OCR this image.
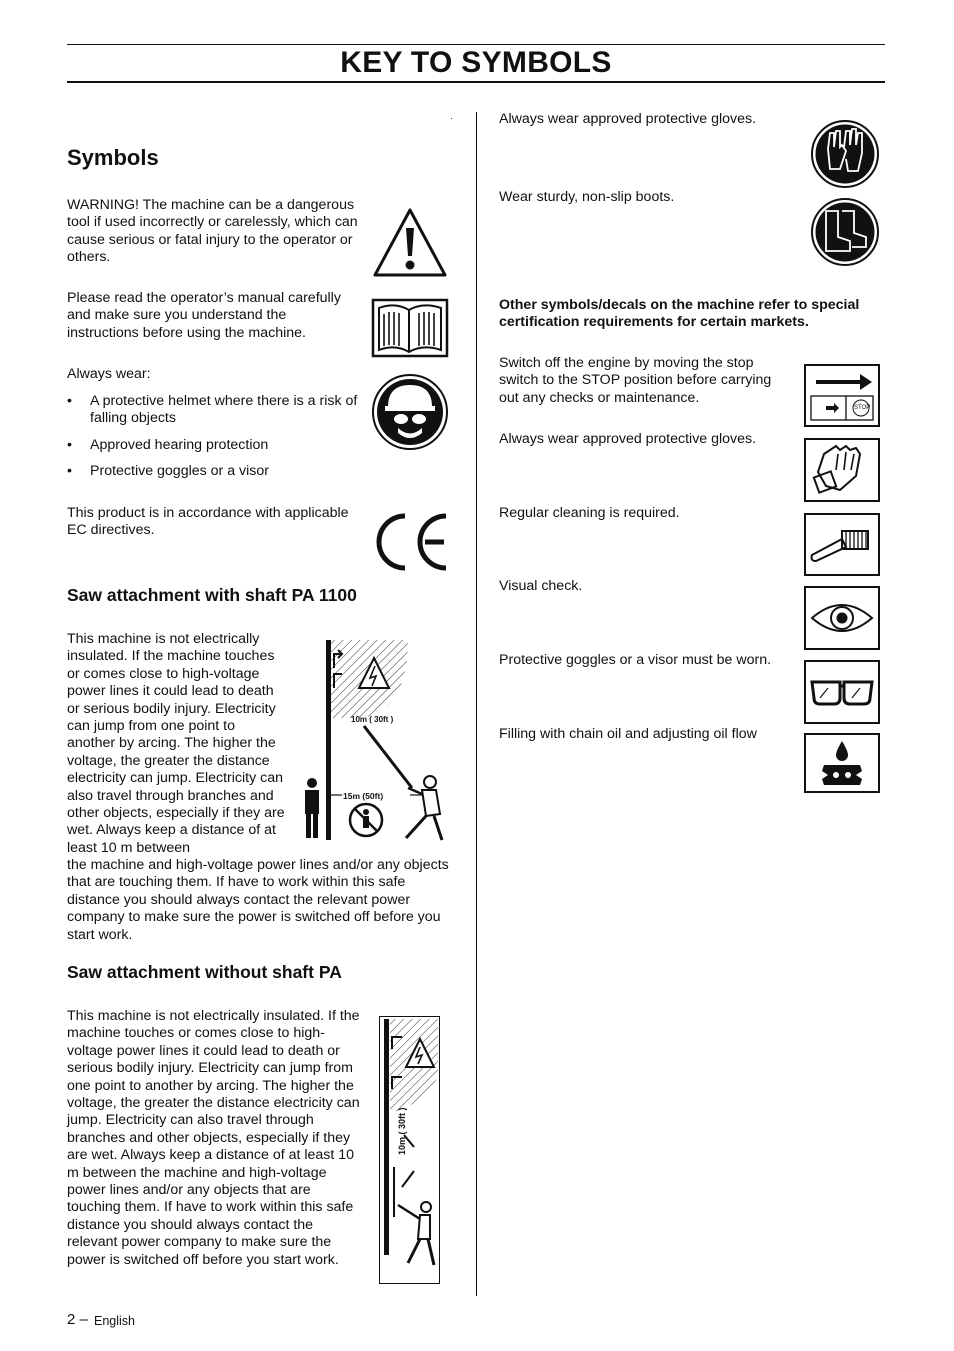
KEY TO SYMBOLS
·
Symbols
WARNING! The machine can be a dangerous tool if used incorrectly or carelessly, which can cause serious or fatal injury to the operator or others.
Please read the operator’s manual carefully and make sure you understand the instructions before using the machine.
Always wear:
• A protective helmet where there is a risk of falling objects
• Approved hearing protection
• Protective goggles or a visor
This product is in accordance with applicable EC directives.
Saw attachment with shaft PA 1100
This machine is not electrically insulated. If the machine touches or comes close to high-voltage power lines it could lead to death or serious bodily injury. Electricity can jump from one point to another by arcing. The higher the voltage, the greater the distance electricity can jump. Electricity can also travel through branches and other objects, especially if they are wet. Always keep a distance of at least 10 m between
the machine and high-voltage power lines and/or any objects that are touching them. If have to work within this safe distance you should always contact the relevant power company to make sure the power is switched off before you start work.
10m ( 30ft )
15m (50ft)
Saw attachment without shaft PA
This machine is not electrically insulated. If the machine touches or comes close to high-voltage power lines it could lead to death or serious bodily injury. Electricity can jump from one point to another by arcing. The higher the voltage, the greater the distance electricity can jump. Electricity can also travel through branches and other objects, especially if they are wet. Always keep a distance of at least 10 m between the machine and high-voltage power lines and/or any objects that are touching them. If have to work within this safe distance you should always contact the relevant power company to make sure the power is switched off before you start work.
10m ( 30ft )
2 – English
Always wear approved protective gloves.
Wear sturdy, non-slip boots.
Other symbols/decals on the machine refer to special certification requirements for certain markets.
Switch off the engine by moving the stop switch to the STOP position before carrying out any checks or maintenance.
STOP
Always wear approved protective gloves.
Regular cleaning is required.
Visual check.
Protective goggles or a visor must be worn.
Filling with chain oil and adjusting oil flow
